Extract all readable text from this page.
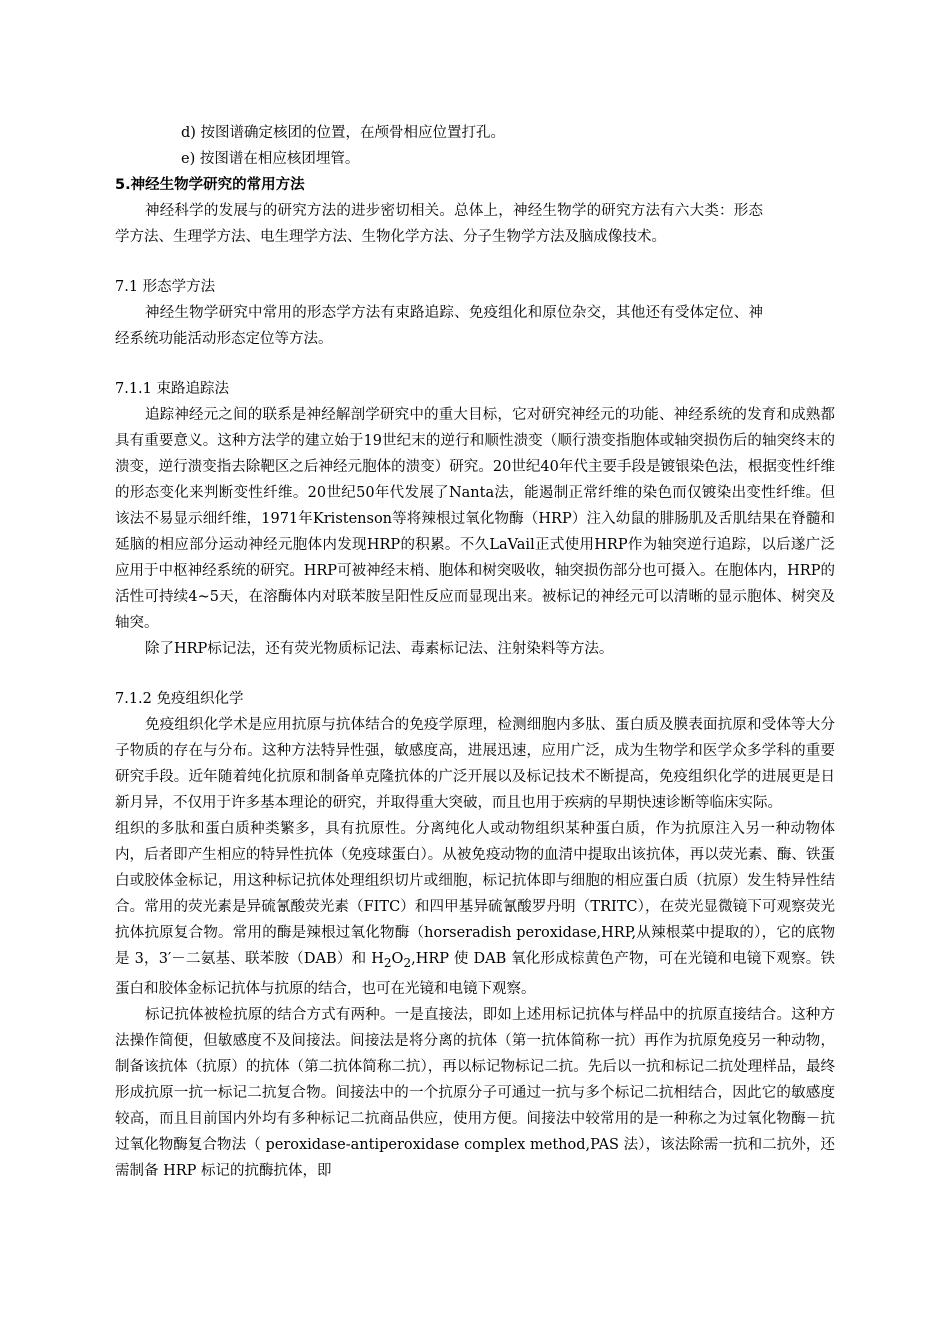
d) 按图谱确定核团的位置，在颅骨相应位置打孔。
e) 按图谱在相应核团埋管。
5.神经生物学研究的常用方法
神经科学的发展与的研究方法的进步密切相关。总体上，神经生物学的研究方法有六大类：形态学方法、生理学方法、电生理学方法、生物化学方法、分子生物学方法及脑成像技术。
7.1 形态学方法
神经生物学研究中常用的形态学方法有束路追踪、免疫组化和原位杂交，其他还有受体定位、神经系统功能活动形态定位等方法。
7.1.1 束路追踪法
追踪神经元之间的联系是神经解剖学研究中的重大目标，它对研究神经元的功能、神经系统的发育和成熟都具有重要意义。这种方法学的建立始于19世纪末的逆行和顺性溃变（顺行溃变指胞体或轴突损伤后的轴突终末的溃变，逆行溃变指去除靶区之后神经元胞体的溃变）研究。20世纪40年代主要手段是镀银染色法，根据变性纤维的形态变化来判断变性纤维。20世纪50年代发展了Nanta法，能遏制正常纤维的染色而仅镀染出变性纤维。但该法不易显示细纤维，1971年Kristenson等将辣根过氧化物酶（HRP）注入幼鼠的腓肠肌及舌肌结果在脊髓和延脑的相应部分运动神经元胞体内发现HRP的积累。不久LaVail正式使用HRP作为轴突逆行追踪，以后遂广泛应用于中枢神经系统的研究。HRP可被神经末梢、胞体和树突吸收，轴突损伤部分也可摄入。在胞体内，HRP的活性可持续4~5天，在溶酶体内对联苯胺呈阳性反应而显现出来。被标记的神经元可以清晰的显示胞体、树突及轴突。
除了HRP标记法，还有荧光物质标记法、毒素标记法、注射染料等方法。
7.1.2 免疫组织化学
免疫组织化学术是应用抗原与抗体结合的免疫学原理，检测细胞内多肽、蛋白质及膜表面抗原和受体等大分子物质的存在与分布。这种方法特异性强，敏感度高，进展迅速，应用广泛，成为生物学和医学众多学科的重要研究手段。近年随着纯化抗原和制备单克隆抗体的广泛开展以及标记技术不断提高，免疫组织化学的进展更是日新月异，不仅用于许多基本理论的研究，并取得重大突破，而且也用于疾病的早期快速诊断等临床实际。
组织的多肽和蛋白质种类繁多，具有抗原性。分离纯化人或动物组织某种蛋白质，作为抗原注入另一种动物体内，后者即产生相应的特异性抗体（免疫球蛋白）。从被免疫动物的血清中提取出该抗体，再以荧光素、酶、铁蛋白或胶体金标记，用这种标记抗体处理组织切片或细胞，标记抗体即与细胞的相应蛋白质（抗原）发生特异性结合。常用的荧光素是异硫氰酸荧光素（FITC）和四甲基异硫氰酸罗丹明（TRITC），在荧光显微镜下可观察荧光抗体抗原复合物。常用的酶是辣根过氧化物酶（horseradish peroxidase,HRP,从辣根菜中提取的），它的底物是 3，3′－二氨基、联苯胺（DAB）和 $H_2O_2,HRP$ 使 DAB 氧化形成棕黄色产物，可在光镜和电镜下观察。铁蛋白和胶体金标记抗体与抗原的结合，也可在光镜和电镜下观察。
标记抗体被检抗原的结合方式有两种。一是直接法，即如上述用标记抗体与样品中的抗原直接结合。这种方法操作简便，但敏感度不及间接法。间接法是将分离的抗体（第一抗体简称一抗）再作为抗原免疫另一种动物，制备该抗体（抗原）的抗体（第二抗体简称二抗），再以标记物标记二抗。先后以一抗和标记二抗处理样品，最终形成抗原一抗一标记二抗复合物。间接法中的一个抗原分子可通过一抗与多个标记二抗相结合，因此它的敏感度较高，而且目前国内外均有多种标记二抗商品供应，使用方便。间接法中较常用的是一种称之为过氧化物酶－抗过氧化物酶复合物法（ peroxidase-antiperoxidase complex method,PAS 法），该法除需一抗和二抗外，还需制备 HRP 标记的抗酶抗体，即
